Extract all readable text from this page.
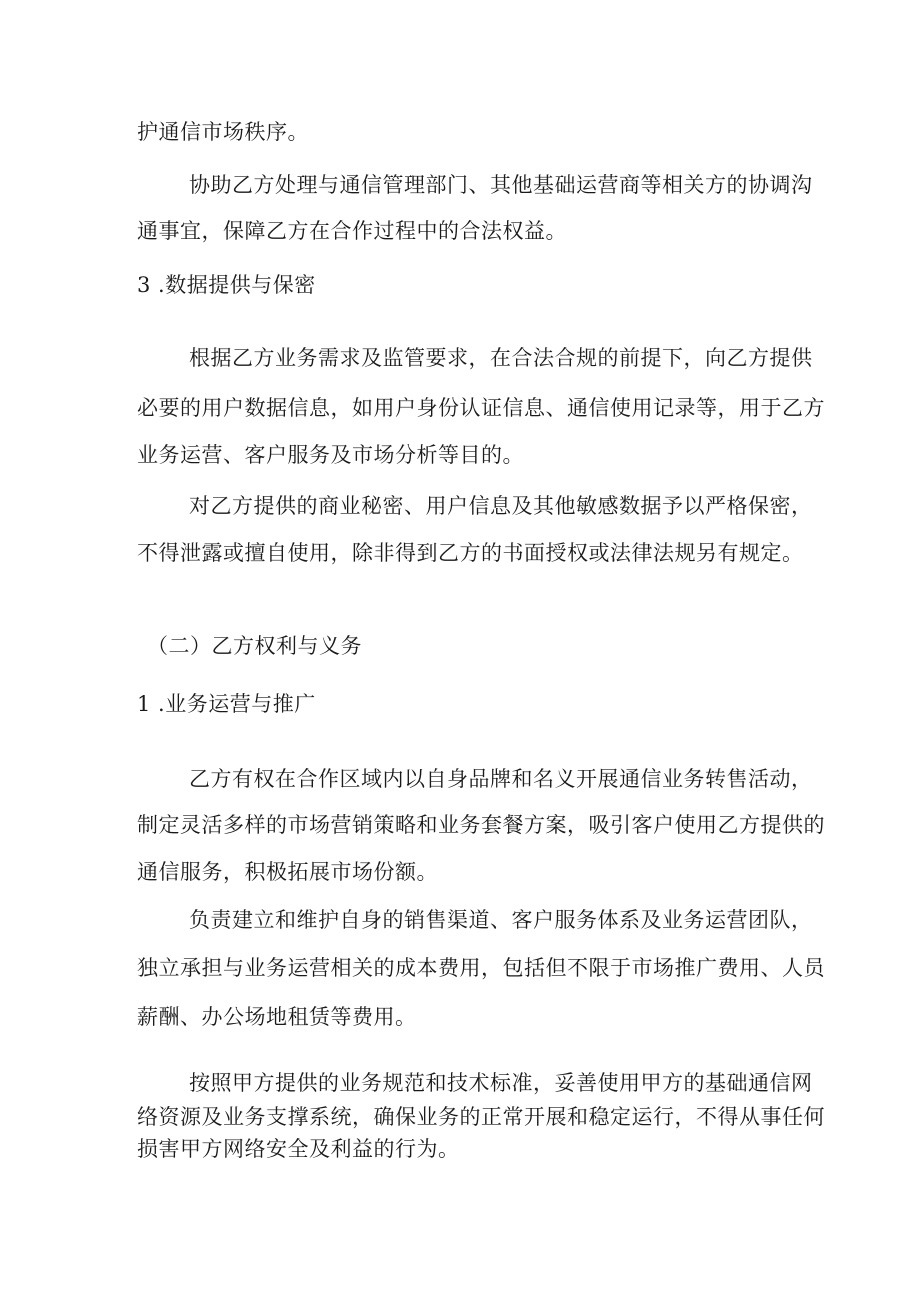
护通信市场秩序。
协助乙方处理与通信管理部门、其他基础运营商等相关方的协调沟
通事宜，保障乙方在合作过程中的合法权益。
3 .数据提供与保密
根据乙方业务需求及监管要求，在合法合规的前提下，向乙方提供
必要的用户数据信息，如用户身份认证信息、通信使用记录等，用于乙方
业务运营、客户服务及市场分析等目的。
对乙方提供的商业秘密、用户信息及其他敏感数据予以严格保密，
不得泄露或擅自使用，除非得到乙方的书面授权或法律法规另有规定。
（二）乙方权利与义务
1 .业务运营与推广
乙方有权在合作区域内以自身品牌和名义开展通信业务转售活动，
制定灵活多样的市场营销策略和业务套餐方案，吸引客户使用乙方提供的
通信服务，积极拓展市场份额。
负责建立和维护自身的销售渠道、客户服务体系及业务运营团队，
独立承担与业务运营相关的成本费用，包括但不限于市场推广费用、人员
薪酬、办公场地租赁等费用。
按照甲方提供的业务规范和技术标准，妥善使用甲方的基础通信网
络资源及业务支撑系统，确保业务的正常开展和稳定运行，不得从事任何
损害甲方网络安全及利益的行为。
